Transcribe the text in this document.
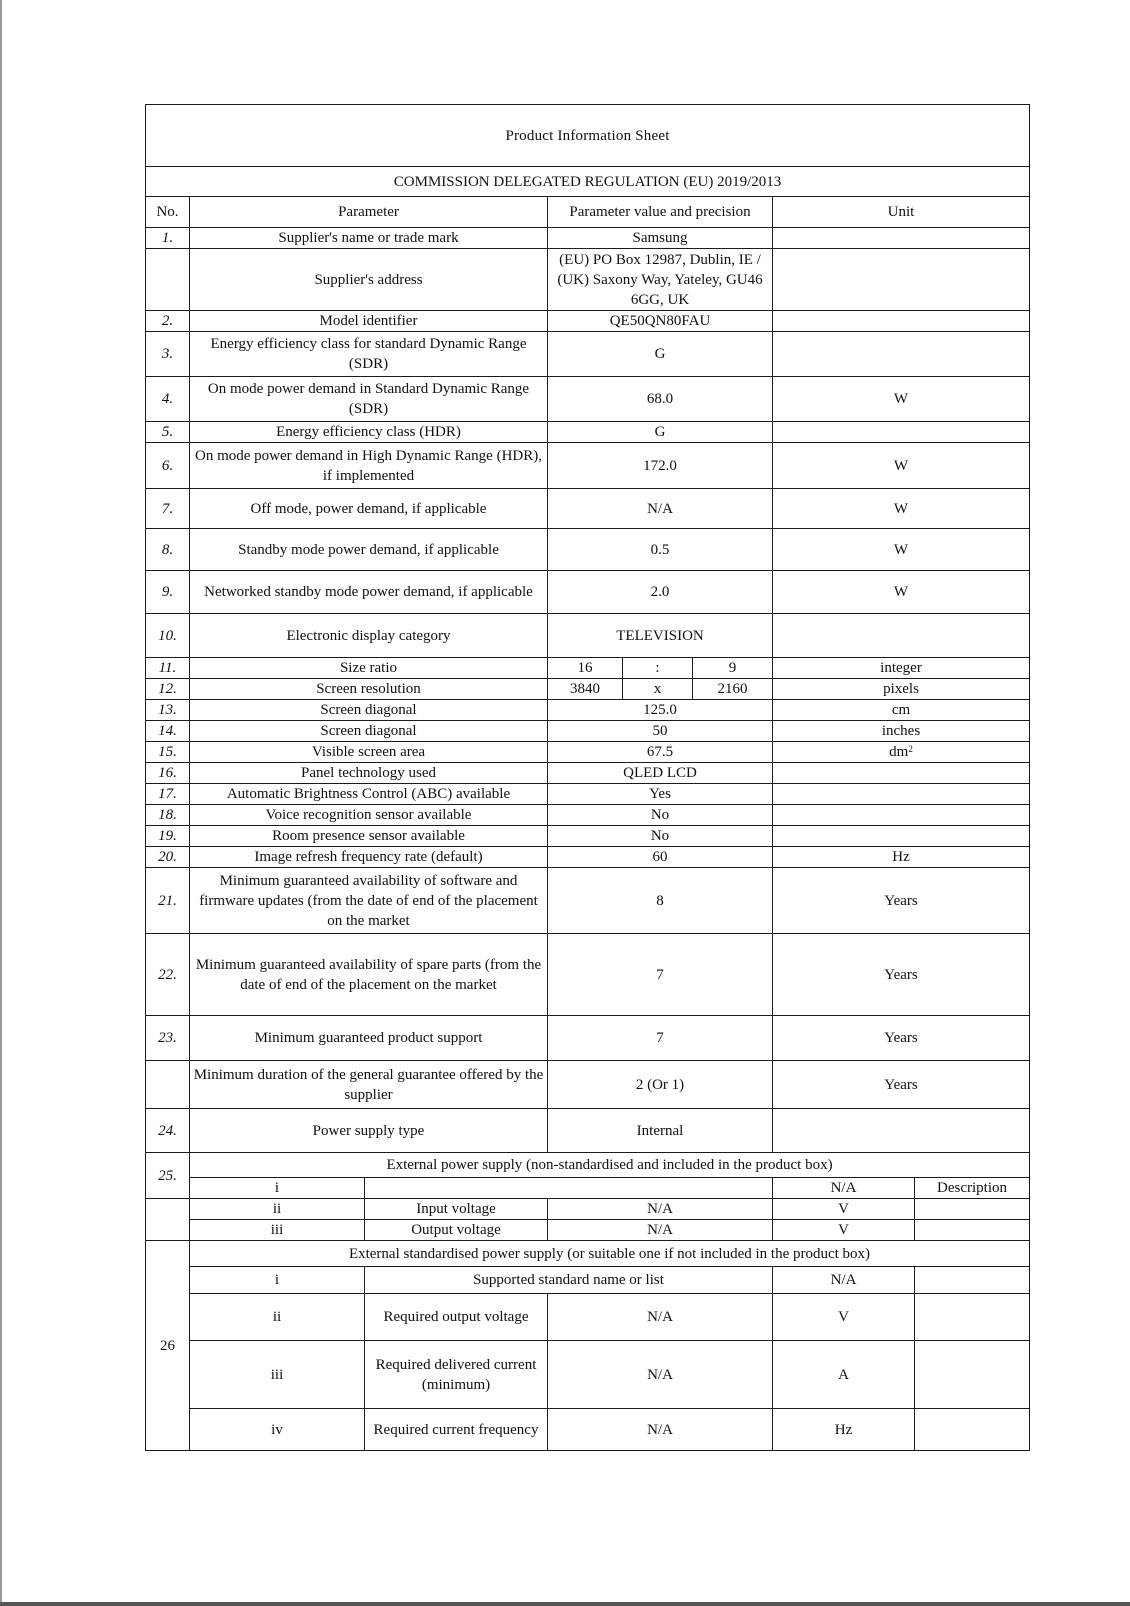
Product Information Sheet							
COMMISSION DELEGATED REGULATION (EU) 2019/2013							
No.	Parameter		Parameter value and precision			Unit	
1.	Supplier's name or trade mark		Samsung				
	Supplier's address		(EU) PO Box 12987, Dublin, IE / (UK) Saxony Way, Yateley, GU46 6GG, UK				
2.	Model identifier		QE50QN80FAU				
3.	Energy efficiency class for standard Dynamic Range (SDR)		G				
4.	On mode power demand in Standard Dynamic Range (SDR)		68.0			W	
5.	Energy efficiency class (HDR)		G				
6.	On mode power demand in High Dynamic Range (HDR), if implemented		172.0			W	
7.	Off mode, power demand, if applicable		N/A			W	
8.	Standby mode power demand, if applicable		0.5			W	
9.	Networked standby mode power demand, if applicable		2.0			W	
10.	Electronic display category		TELEVISION				
11.	Size ratio		16	:	9	integer	
12.	Screen resolution		3840	x	2160	pixels	
13.	Screen diagonal		125.0			cm	
14.	Screen diagonal		50			inches	
15.	Visible screen area		67.5			$dm^2$
16.	Panel technology used		QLED LCD				
17.	Automatic Brightness Control (ABC) available		Yes				
18.	Voice recognition sensor available		No				
19.	Room presence sensor available		No				
20.	Image refresh frequency rate (default)		60			Hz	
21.	Minimum guaranteed availability of software and firmware updates (from the date of end of the placement on the market		8			Years	
22.	Minimum guaranteed availability of spare parts (from the date of end of the placement on the market		7			Years	
23.	Minimum guaranteed product support		7			Years	
	Minimum duration of the general guarantee offered by the supplier		2 (Or 1)			Years	
24.	Power supply type		Internal				
25.	External power supply (non-standardised and included in the product box)						
	i					N/A	Description
	ii	Input voltage	N/A			V	
	iii	Output voltage	N/A			V	
26	External standardised power supply (or suitable one if not included in the product box)						
	i	Supported standard name or list				N/A	
	ii	Required output voltage	N/A			V	
	iii	Required delivered current (minimum)	N/A			A	
	iv	Required current frequency	N/A			Hz	
